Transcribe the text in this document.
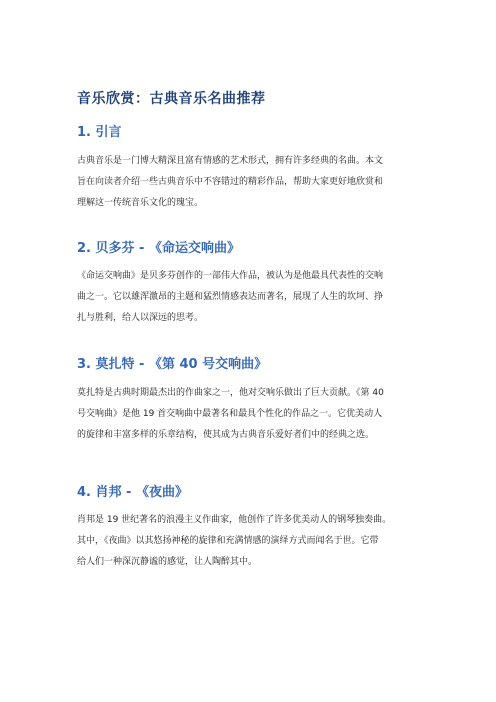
音乐欣赏：古典音乐名曲推荐
1. 引言
古典音乐是一门博大精深且富有情感的艺术形式，拥有许多经典的名曲。本文
旨在向读者介绍一些古典音乐中不容错过的精彩作品，帮助大家更好地欣赏和
理解这一传统音乐文化的瑰宝。
2. 贝多芬 - 《命运交响曲》
《命运交响曲》是贝多芬创作的一部伟大作品，被认为是他最具代表性的交响
曲之一。它以雄浑激昂的主题和猛烈情感表达而著名，展现了人生的坎坷、挣
扎与胜利，给人以深远的思考。
3. 莫扎特 - 《第 40 号交响曲》
莫扎特是古典时期最杰出的作曲家之一，他对交响乐做出了巨大贡献。《第 40
号交响曲》是他 19 首交响曲中最著名和最具个性化的作品之一。它优美动人
的旋律和丰富多样的乐章结构，使其成为古典音乐爱好者们中的经典之选。
4. 肖邦 - 《夜曲》
肖邦是 19 世纪著名的浪漫主义作曲家，他创作了许多优美动人的钢琴独奏曲。
其中，《夜曲》以其悠扬神秘的旋律和充满情感的演绎方式而闻名于世。它带
给人们一种深沉静谧的感觉，让人陶醉其中。
